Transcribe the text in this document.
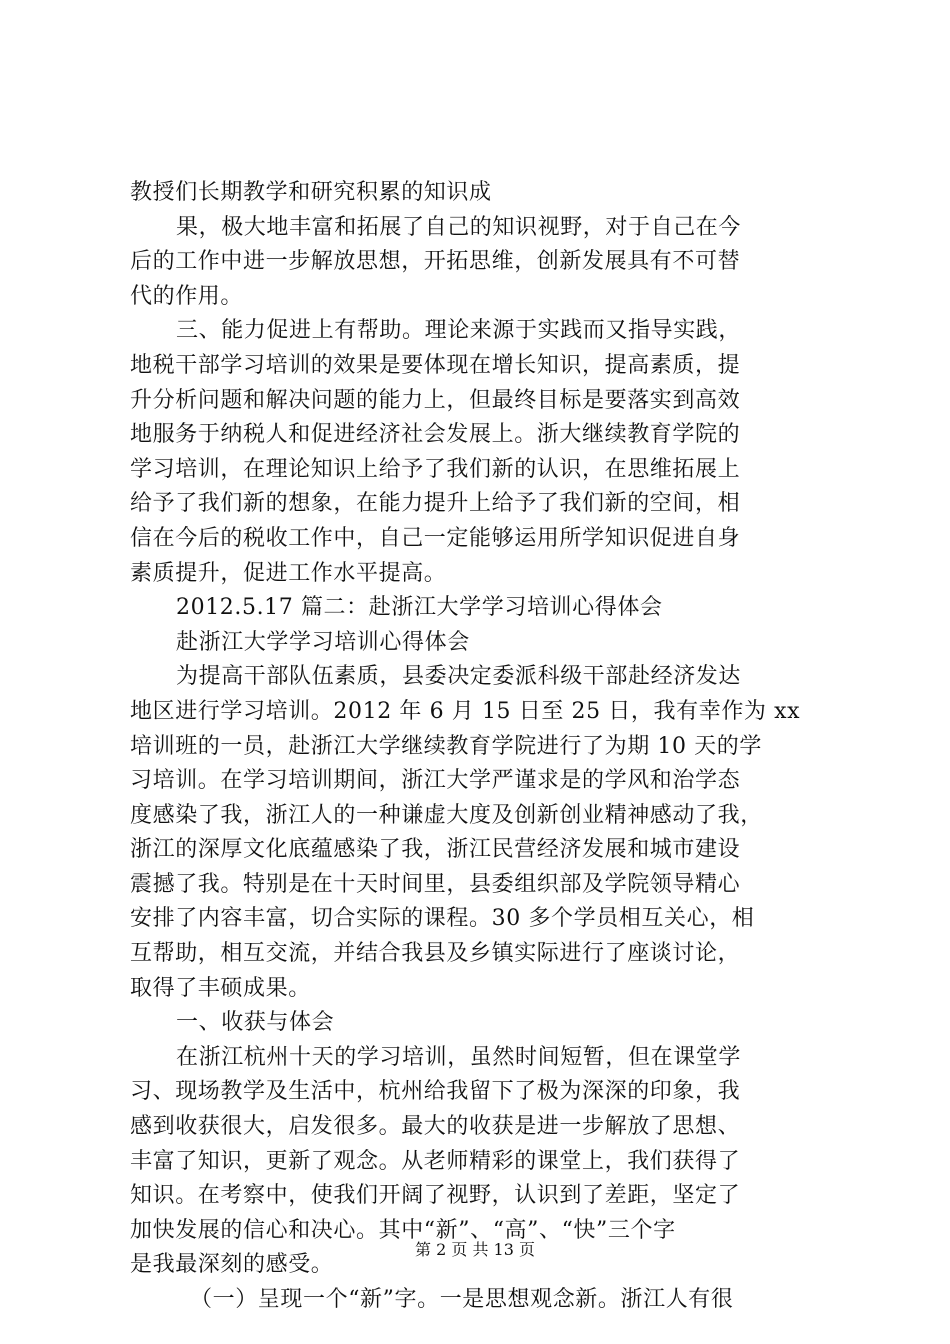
教授们长期教学和研究积累的知识成
果，极大地丰富和拓展了自己的知识视野，对于自己在今
后的工作中进一步解放思想，开拓思维，创新发展具有不可替
代的作用。
三、能力促进上有帮助。理论来源于实践而又指导实践，
地税干部学习培训的效果是要体现在增长知识，提高素质，提
升分析问题和解决问题的能力上，但最终目标是要落实到高效
地服务于纳税人和促进经济社会发展上。浙大继续教育学院的
学习培训，在理论知识上给予了我们新的认识，在思维拓展上
给予了我们新的想象，在能力提升上给予了我们新的空间，相
信在今后的税收工作中，自己一定能够运用所学知识促进自身
素质提升，促进工作水平提高。
2012.5.17 篇二：赴浙江大学学习培训心得体会
赴浙江大学学习培训心得体会
为提高干部队伍素质，县委决定委派科级干部赴经济发达
地区进行学习培训。2012 年 6 月 15 日至 25 日，我有幸作为 xx
培训班的一员，赴浙江大学继续教育学院进行了为期 10 天的学
习培训。在学习培训期间，浙江大学严谨求是的学风和治学态
度感染了我，浙江人的一种谦虚大度及创新创业精神感动了我，
浙江的深厚文化底蕴感染了我，浙江民营经济发展和城市建设
震撼了我。特别是在十天时间里，县委组织部及学院领导精心
安排了内容丰富，切合实际的课程。30 多个学员相互关心，相
互帮助，相互交流，并结合我县及乡镇实际进行了座谈讨论，
取得了丰硕成果。
一、收获与体会
在浙江杭州十天的学习培训，虽然时间短暂，但在课堂学
习、现场教学及生活中，杭州给我留下了极为深深的印象，我
感到收获很大，启发很多。最大的收获是进一步解放了思想、
丰富了知识，更新了观念。从老师精彩的课堂上，我们获得了
知识。在考察中，使我们开阔了视野，认识到了差距，坚定了
加快发展的信心和决心。其中“新”、“高”、“快”三个字
是我最深刻的感受。
（一）呈现一个“新”字。一是思想观念新。浙江人有很
第 2 页 共 13 页
